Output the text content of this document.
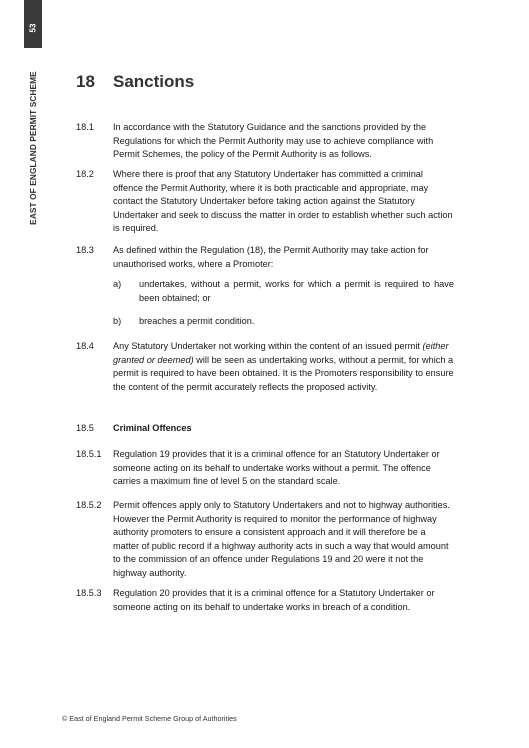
53
EAST OF ENGLAND PERMIT SCHEME 18 Sanctions
18.1 In accordance with the Statutory Guidance and the sanctions provided by the Regulations for which the Permit Authority may use to achieve compliance with Permit Schemes, the policy of the Permit Authority is as follows.
18.2 Where there is proof that any Statutory Undertaker has committed a criminal offence the Permit Authority, where it is both practicable and appropriate, may contact the Statutory Undertaker before taking action against the Statutory Undertaker and seek to discuss the matter in order to establish whether such action is required.
18.3 As defined within the Regulation (18), the Permit Authority may take action for unauthorised works, where a Promoter:
a) undertakes, without a permit, works for which a permit is required to have been obtained; or
b) breaches a permit condition.
18.4 Any Statutory Undertaker not working within the content of an issued permit (either granted or deemed) will be seen as undertaking works, without a permit, for which a permit is required to have been obtained. It is the Promoters responsibility to ensure the content of the permit accurately reflects the proposed activity.
18.5 Criminal Offences
18.5.1 Regulation 19 provides that it is a criminal offence for an Statutory Undertaker or someone acting on its behalf to undertake works without a permit. The offence carries a maximum fine of level 5 on the standard scale.
18.5.2 Permit offences apply only to Statutory Undertakers and not to highway authorities. However the Permit Authority is required to monitor the performance of highway authority promoters to ensure a consistent approach and it will therefore be a matter of public record if a highway authority acts in such a way that would amount to the commission of an offence under Regulations 19 and 20 were it not the highway authority.
18.5.3 Regulation 20 provides that it is a criminal offence for a Statutory Undertaker or someone acting on its behalf to undertake works in breach of a condition.
© East of England Permit Scheme Group of Authorities
